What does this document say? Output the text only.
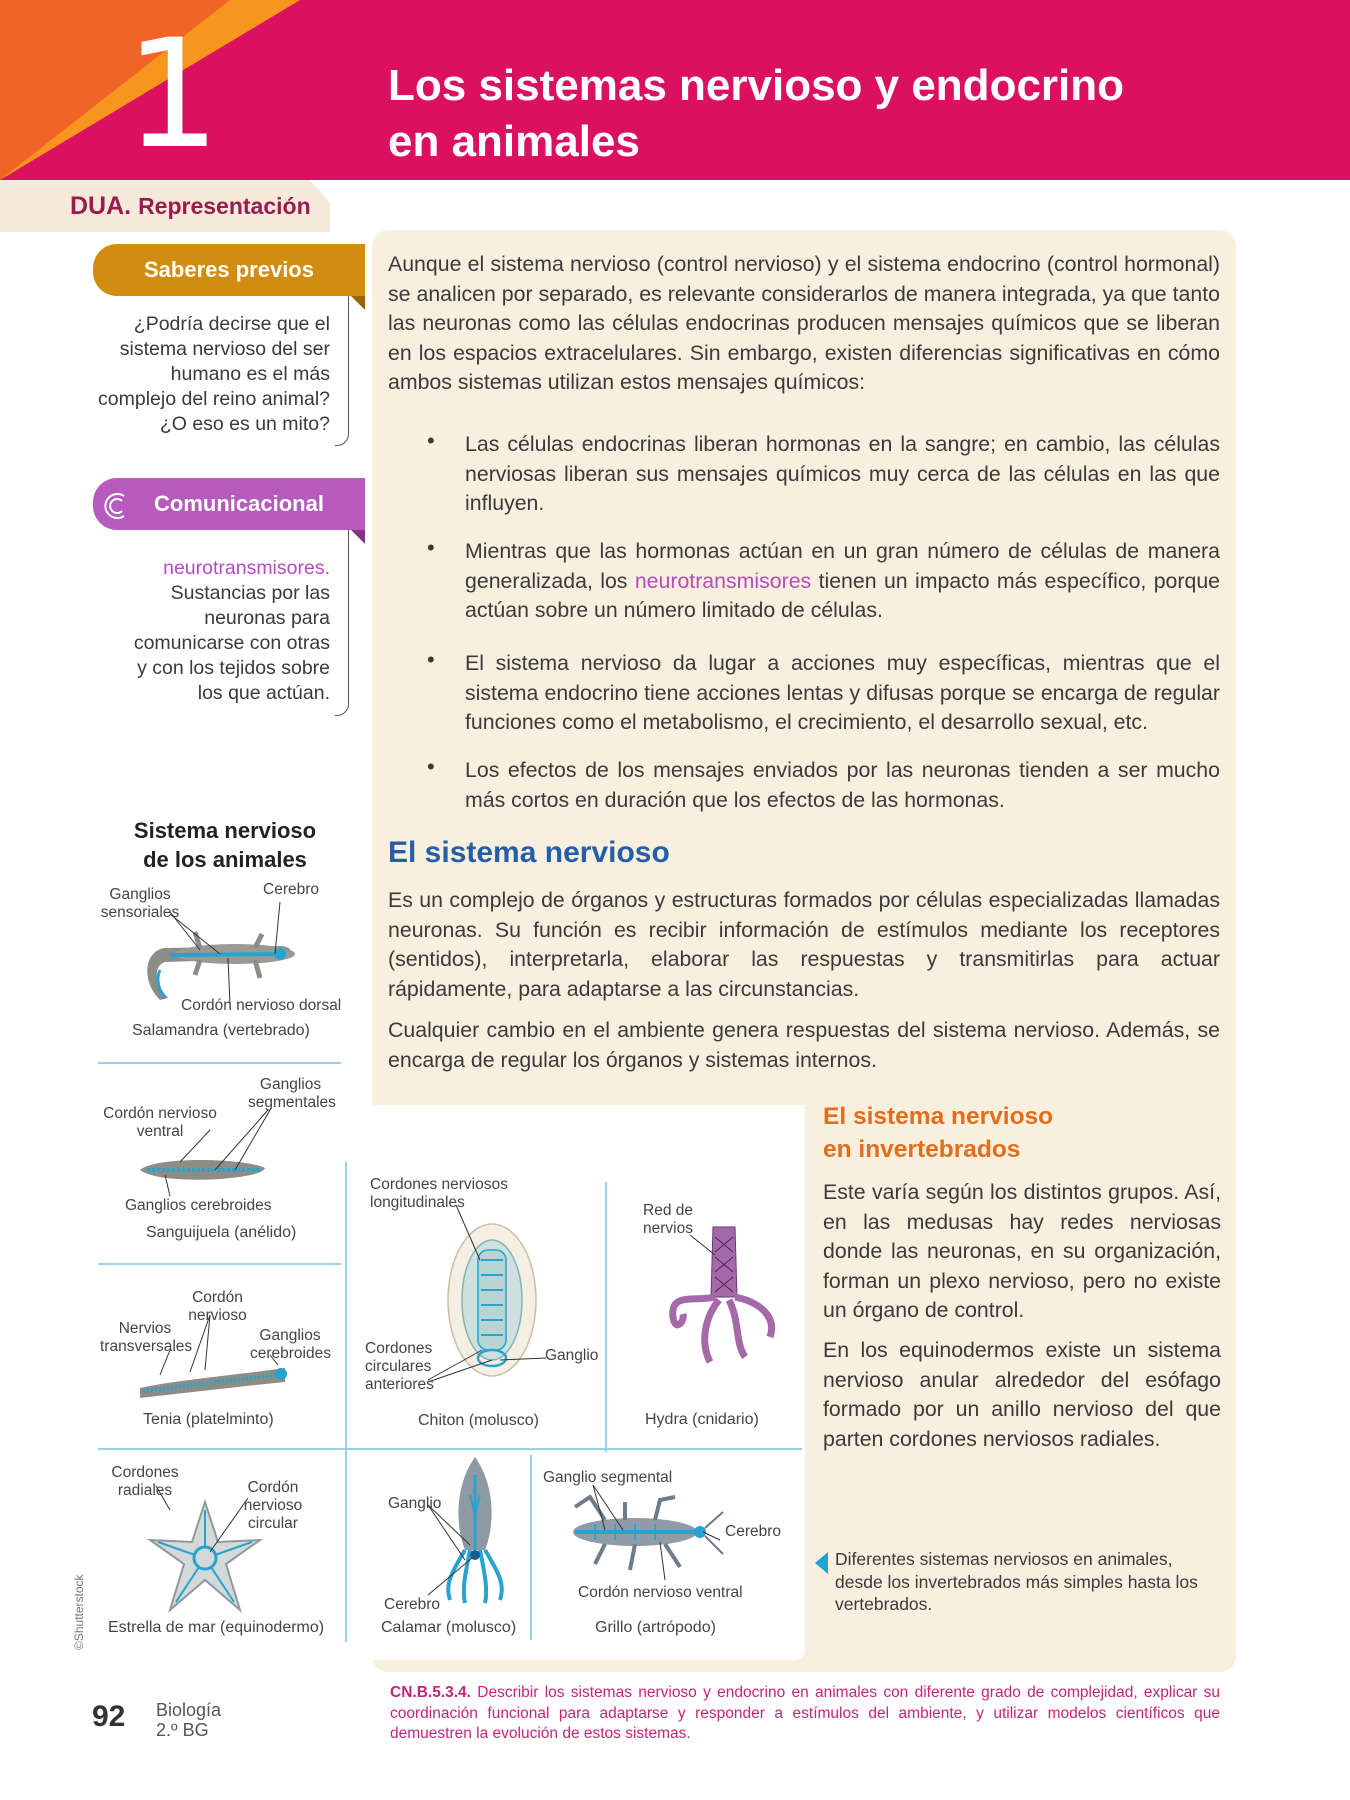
1	Los sistemas nervioso y endocrino
en animales
DUA. Representación
Saberes previos
¿Podría decirse que el
sistema nervioso del ser
humano es el más
complejo del reino animal?
¿O eso es un mito?
Comunicacional
neurotransmisores.
Sustancias por las
neuronas para
comunicarse con otras
y con los tejidos sobre
los que actúan.

Aunque el sistema nervioso (control nervioso) y el sistema endocrino (control hormonal) se analicen por separado, es relevante considerarlos de manera integrada, ya que tanto las neuronas como las células endocrinas producen mensajes químicos que se liberan en los espacios extracelulares. Sin embargo, existen diferencias significativas en cómo ambos sistemas utilizan estos mensajes químicos:

• Las células endocrinas liberan hormonas en la sangre; en cambio, las células nerviosas liberan sus mensajes químicos muy cerca de las células en las que influyen.

• Mientras que las hormonas actúan en un gran número de células de manera generalizada, los neurotransmisores tienen un impacto más específico, porque actúan sobre un número limitado de células.

• El sistema nervioso da lugar a acciones muy específicas, mientras que el sistema endocrino tiene acciones lentas y difusas porque se encarga de regular funciones como el metabolismo, el crecimiento, el desarrollo sexual, etc.

• Los efectos de los mensajes enviados por las neuronas tienden a ser mucho más cortos en duración que los efectos de las hormonas.

El sistema nervioso

Es un complejo de órganos y estructuras formados por células especializadas llamadas neuronas. Su función es recibir información de estímulos mediante los receptores (sentidos), interpretarla, elaborar las respuestas y transmitirlas para actuar rápidamente, para adaptarse a las circunstancias.

Cualquier cambio en el ambiente genera respuestas del sistema nervioso. Además, se encarga de regular los órganos y sistemas internos.

El sistema nervioso
en invertebrados

Este varía según los distintos grupos. Así, en las medusas hay redes nerviosas donde las neuronas, en su organización, forman un plexo nervioso, pero no existe un órgano de control.

En los equinodermos existe un sistema nervioso anular alrededor del esófago formado por un anillo nervioso del que parten cordones nerviosos radiales.

Diferentes sistemas nerviosos en animales, desde los invertebrados más simples hasta los vertebrados.

Sistema nervioso
de los animales
Ganglios
sensoriales
Cerebro
Cordón nervioso dorsal
Salamandra (vertebrado)
Ganglios
segmentales
Cordón nervioso
ventral
Ganglios cerebroides
Sanguijuela (anélido)
Cordón
nervioso
Nervios
transversales
Ganglios
cerebroides
Tenia (platelminto)
Cordones
radiales	Cordón
nervioso
circular
Estrella de mar (equinodermo)
Cordones nerviosos
longitudinales
Cordones
circulares
anteriores
Ganglio
Chiton (molusco)
Red de
nervios
Hydra (cnidario)
Ganglio
Cerebro
Calamar (molusco)
Ganglio segmental
Cerebro
Cordón nervioso ventral
Grillo (artrópodo)
©Shutterstock
92 Biología
2.º BG

CN.B.5.3.4. Describir los sistemas nervioso y endocrino en animales con diferente grado de complejidad, explicar su coordinación funcional para adaptarse y responder a estímulos del ambiente, y utilizar modelos científicos que demuestren la evolución de estos sistemas.
